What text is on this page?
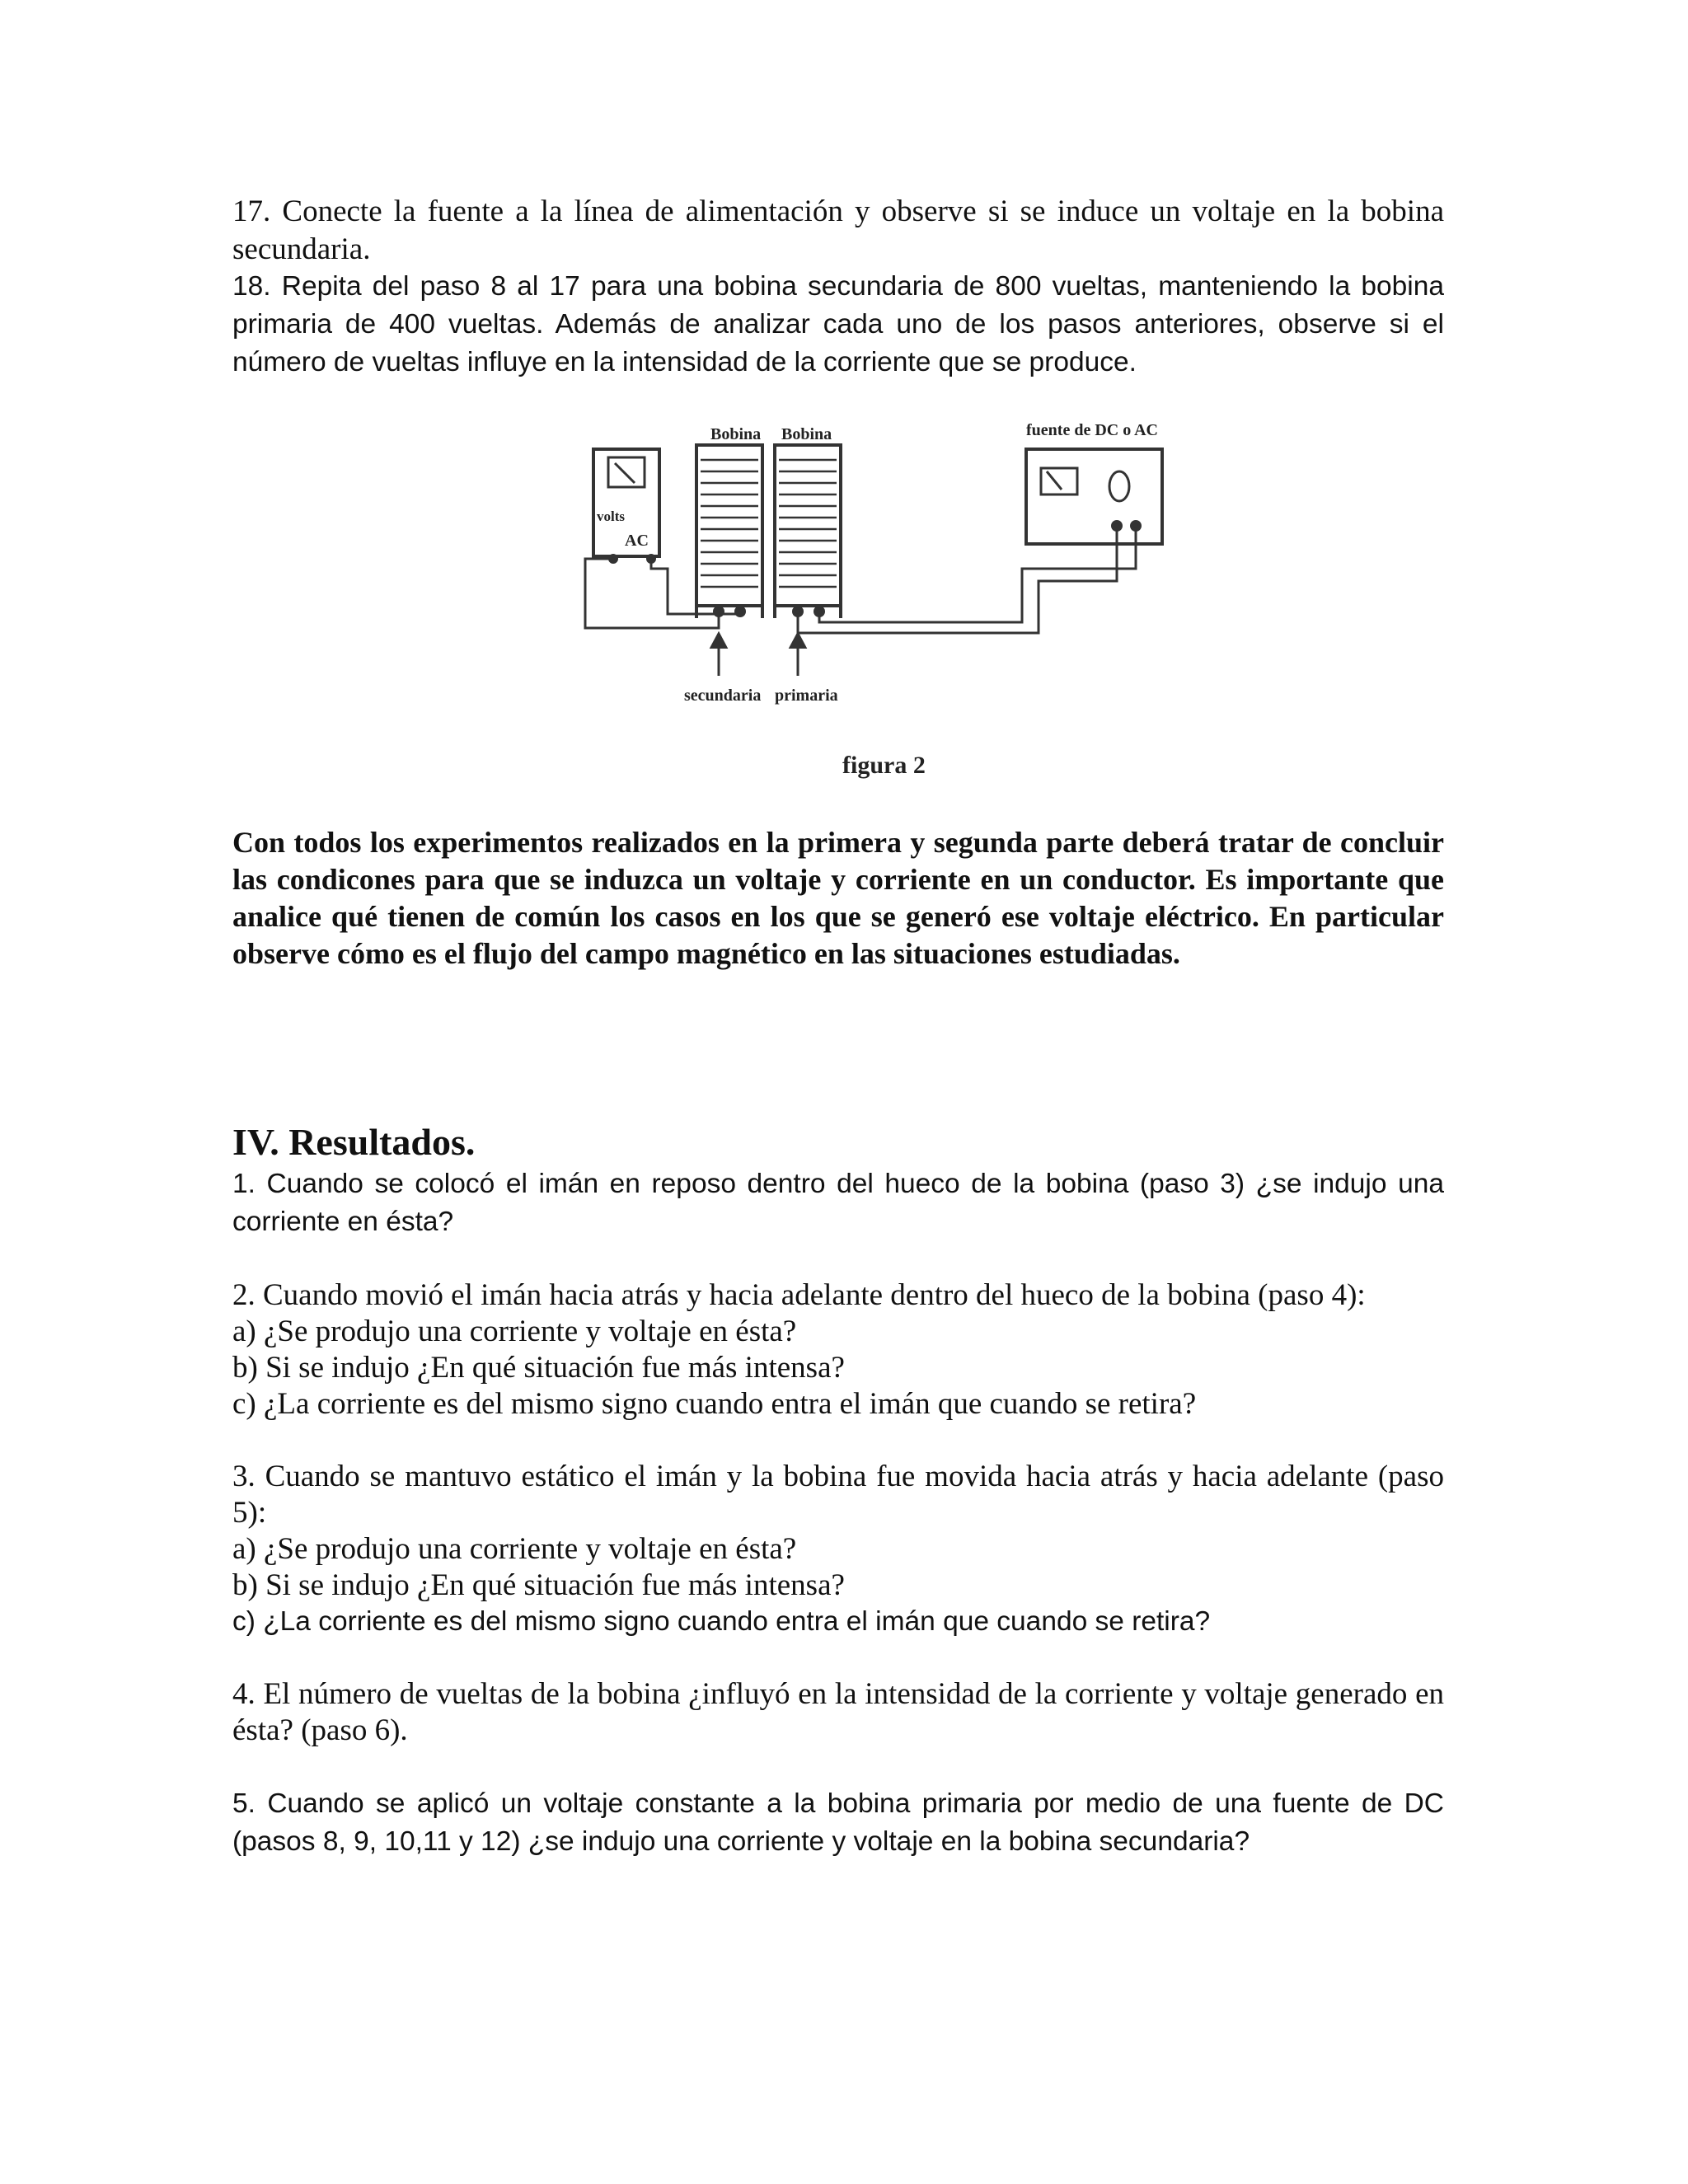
17. Conecte la fuente a la línea de alimentación y observe si se induce un voltaje en la bobina secundaria.

18. Repita del paso 8 al 17 para una bobina secundaria de 800 vueltas, manteniendo la bobina primaria de 400 vueltas. Además de analizar cada uno de los pasos anteriores, observe si el número de vueltas influye en la intensidad de la corriente que se produce.

Bobina Bobina	fuente de DC o AC
volts
AC
secundaria primaria
figura 2

Con todos los experimentos realizados en la primera y segunda parte deberá tratar de concluir las condicones para que se induzca un voltaje y corriente en un conductor. Es importante que analice qué tienen de común los casos en los que se generó ese voltaje eléctrico. En particular observe cómo es el flujo del campo magnético en las situaciones estudiadas.

IV. Resultados.

1. Cuando se colocó el imán en reposo dentro del hueco de la bobina (paso 3) ¿se indujo una corriente en ésta?

2. Cuando movió el imán hacia atrás y hacia adelante dentro del hueco de la bobina (paso 4):

a) ¿Se produjo una corriente y voltaje en ésta?

b) Si se indujo ¿En qué situación fue más intensa?

c) ¿La corriente es del mismo signo cuando entra el imán que cuando se retira?

3. Cuando se mantuvo estático el imán y la bobina fue movida hacia atrás y hacia adelante (paso 5):

a) ¿Se produjo una corriente y voltaje en ésta?

b) Si se indujo ¿En qué situación fue más intensa?

c) ¿La corriente es del mismo signo cuando entra el imán que cuando se retira?

4. El número de vueltas de la bobina ¿influyó en la intensidad de la corriente y voltaje generado en ésta? (paso 6).

5. Cuando se aplicó un voltaje constante a la bobina primaria por medio de una fuente de DC (pasos 8, 9, 10,11 y 12) ¿se indujo una corriente y voltaje en la bobina secundaria?
